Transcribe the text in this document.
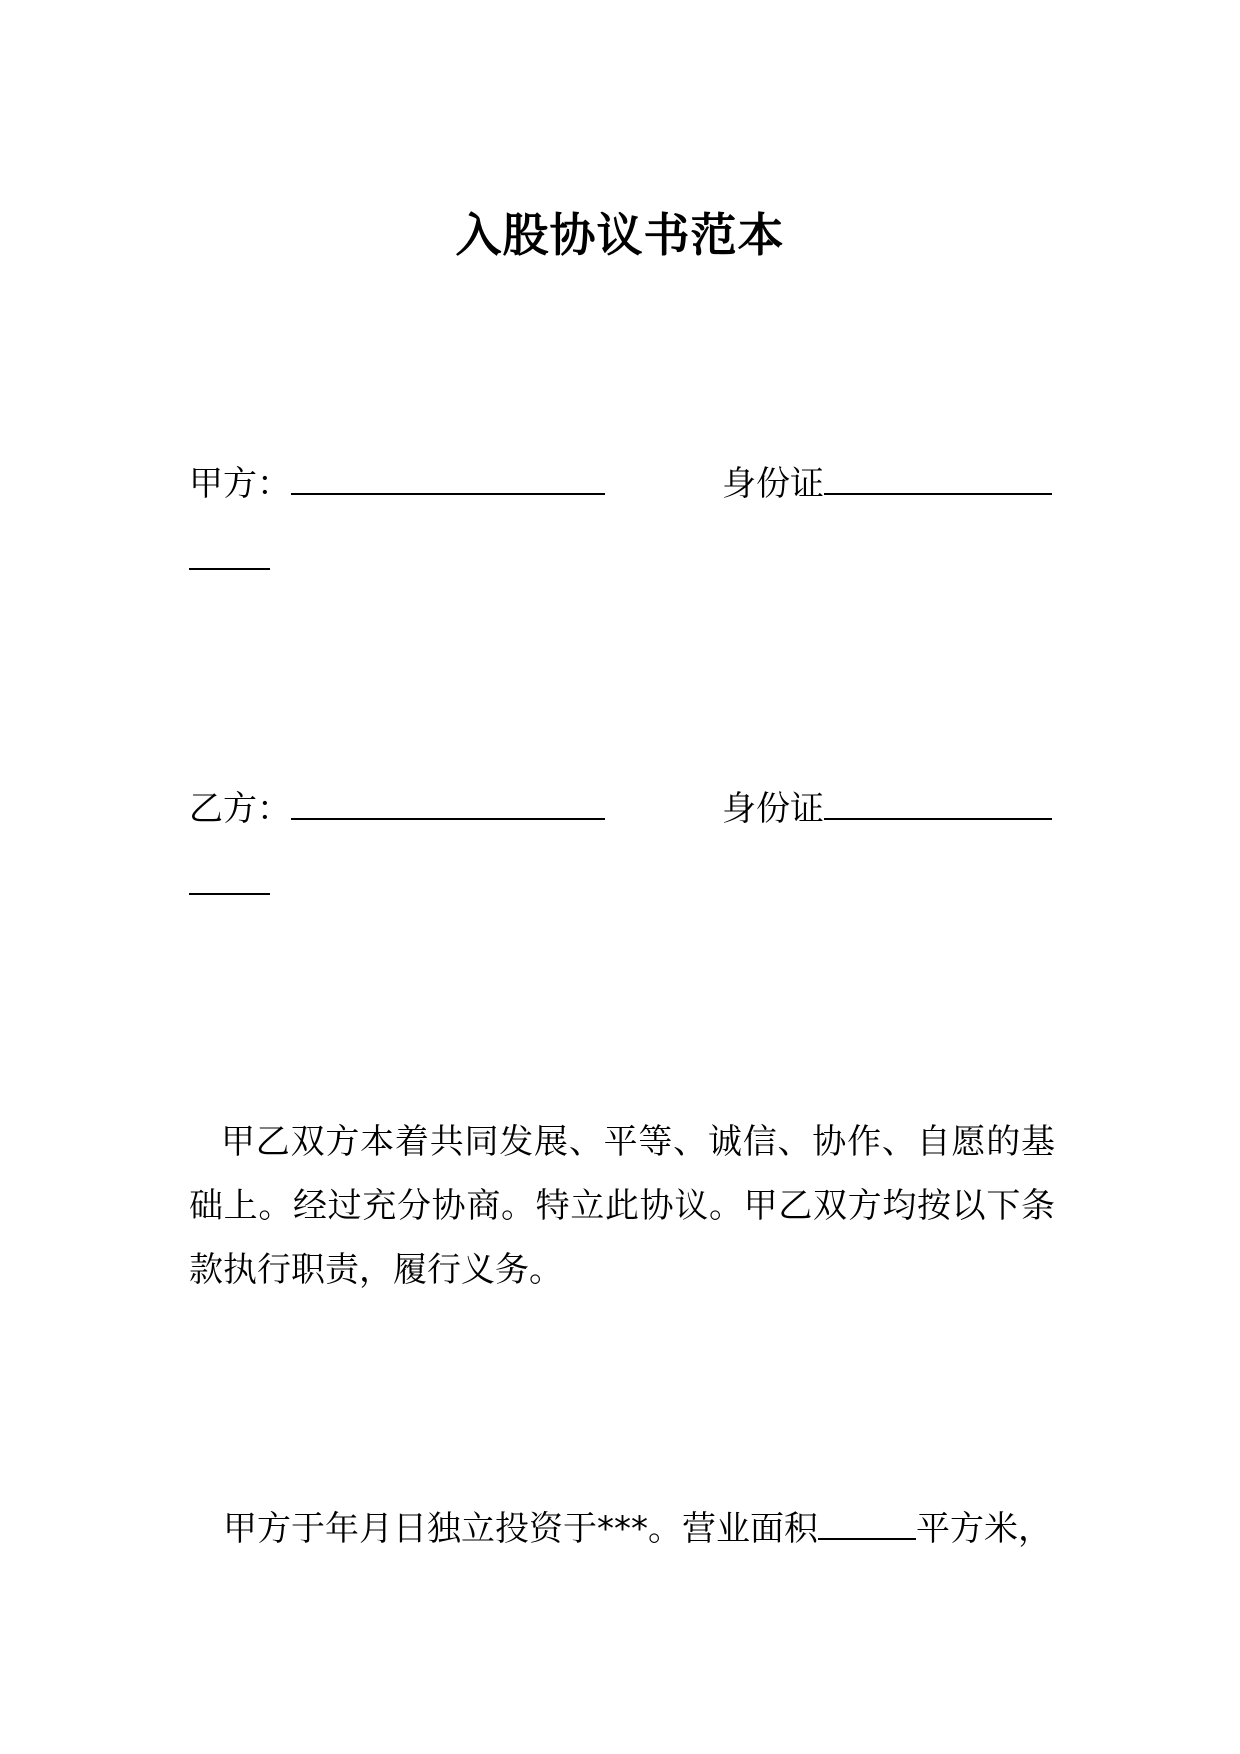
入股协议书范本
甲方：	身份证
乙方：	身份证
甲乙双方本着共同发展、平等、诚信、协作、自愿的基础上。经过充分协商。特立此协议。甲乙双方均按以下条款执行职责，履行义务。
甲方于年月日独立投资于***。营业面积	平方米，
